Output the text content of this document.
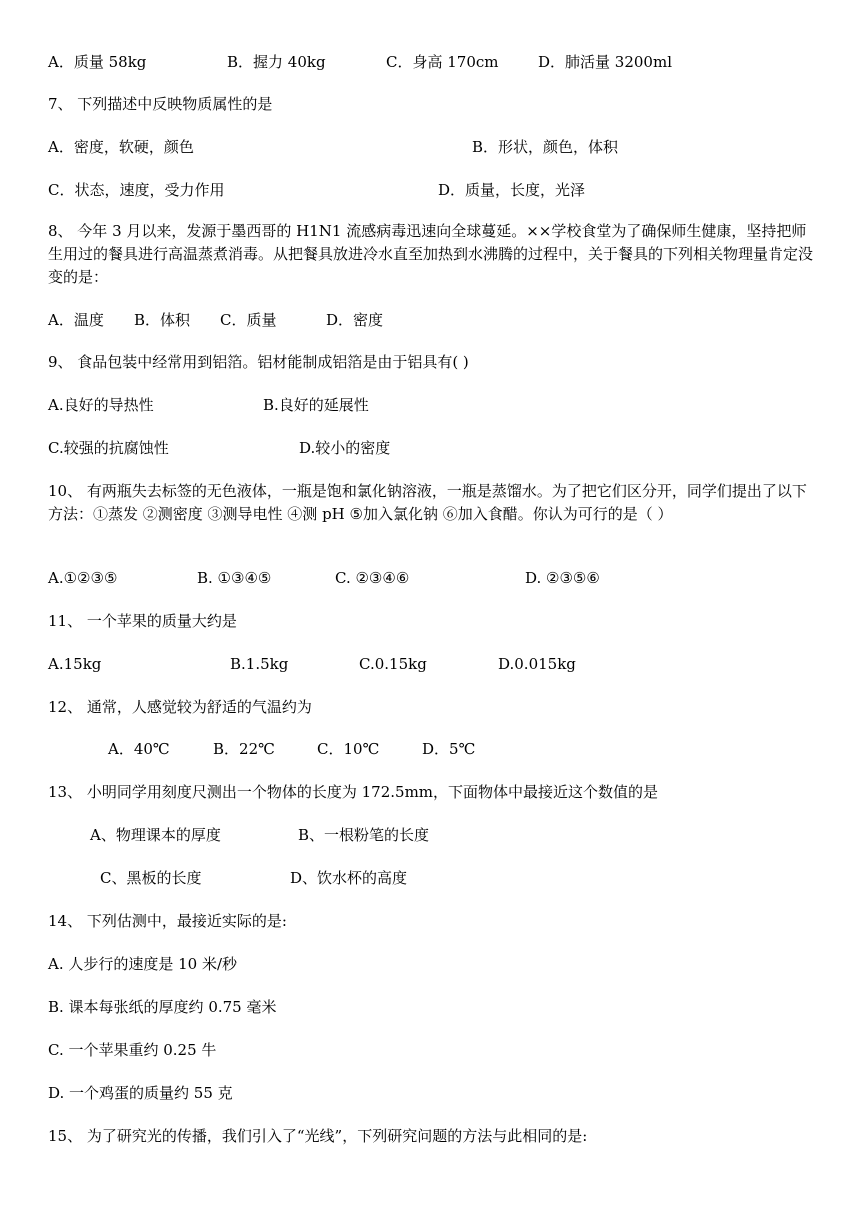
A．质量 58kg	B．握力 40kg	C．身高 170cm	D．肺活量 3200ml
7、 下列描述中反映物质属性的是
A．密度，软硬，颜色	B．形状，颜色，体积
C．状态，速度，受力作用	D．质量，长度，光泽
8、 今年 3 月以来，发源于墨西哥的 H1N1 流感病毒迅速向全球蔓延。××学校食堂为了确保师生健康，坚持把师生用过的餐具进行高温蒸煮消毒。从把餐具放进冷水直至加热到水沸腾的过程中，关于餐具的下列相关物理量肯定没变的是：
A．温度 B．体积 C．质量	D．密度
9、 食品包装中经常用到铝箔。铝材能制成铝箔是由于铝具有( )
A.良好的导热性	B.良好的延展性
C.较强的抗腐蚀性	D.较小的密度
10、 有两瓶失去标签的无色液体，一瓶是饱和氯化钠溶液，一瓶是蒸馏水。为了把它们区分开，同学们提出了以下方法：①蒸发 ②测密度 ③测导电性 ④测 pH ⑤加入氯化钠 ⑥加入食醋。你认为可行的是（ ）
A.①②③⑤	B. ①③④⑤	C. ②③④⑥	D. ②③⑤⑥
11、 一个苹果的质量大约是
A.15kg	B.1.5kg	C.0.15kg	D.0.015kg
12、 通常，人感觉较为舒适的气温约为
A．40℃	B．22℃	C．10℃	D．5℃
13、 小明同学用刻度尺测出一个物体的长度为 172.5mm，下面物体中最接近这个数值的是
A、物理课本的厚度	B、一根粉笔的长度
C、黑板的长度	D、饮水杯的高度
14、 下列估测中，最接近实际的是:
A. 人步行的速度是 10 米/秒
B. 课本每张纸的厚度约 0.75 毫米
C. 一个苹果重约 0.25 牛
D. 一个鸡蛋的质量约 55 克
15、 为了研究光的传播，我们引入了“光线”，下列研究问题的方法与此相同的是:
